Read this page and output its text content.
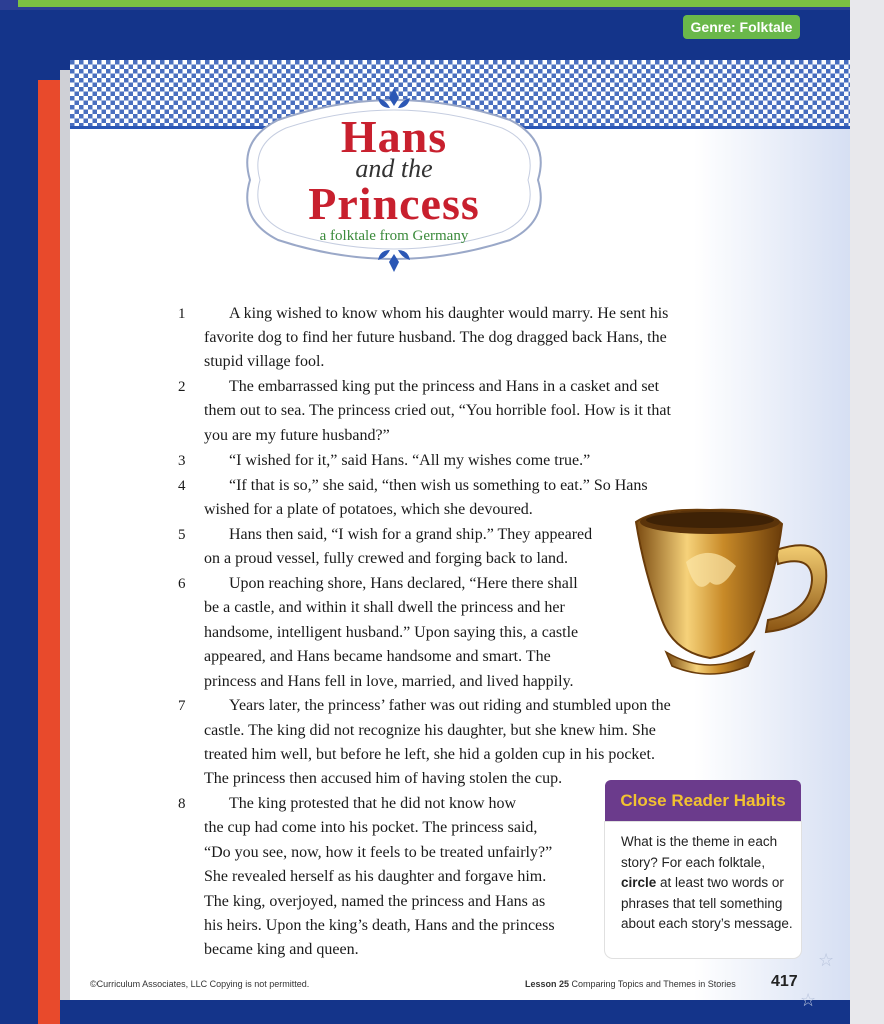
Genre: Folktale
Hans
and the
Princess
a folktale from Germany
1
2
3
4
5
6
7
8
A king wished to know whom his daughter would marry. He sent his
favorite dog to find her future husband. The dog dragged back Hans, the
stupid village fool.
The embarrassed king put the princess and Hans in a casket and set
them out to sea. The princess cried out, “You horrible fool. How is it that
you are my future husband?”
“I wished for it,” said Hans. “All my wishes come true.”
“If that is so,” she said, “then wish us something to eat.” So Hans
wished for a plate of potatoes, which she devoured.
Hans then said, “I wish for a grand ship.” They appeared
on a proud vessel, fully crewed and forging back to land.
Upon reaching shore, Hans declared, “Here there shall
be a castle, and within it shall dwell the princess and her
handsome, intelligent husband.” Upon saying this, a castle
appeared, and Hans became handsome and smart. The
princess and Hans fell in love, married, and lived happily.
Years later, the princess’ father was out riding and stumbled upon the
castle. The king did not recognize his daughter, but she knew him. She
treated him well, but before he left, she hid a golden cup in his pocket.
The princess then accused him of having stolen the cup.
The king protested that he did not know how
the cup had come into his pocket. The princess said,
“Do you see, now, how it feels to be treated unfairly?”
She revealed herself as his daughter and forgave him.
The king, overjoyed, named the princess and Hans as
his heirs. Upon the king’s death, Hans and the princess
became king and queen.
Close Reader Habits
What is the theme in each story? For each folktale, circle at least two words or phrases that tell something about each story’s message.
☆
☆
©Curriculum Associates, LLC Copying is not permitted.	Lesson 25 Comparing Topics and Themes in Stories 417
